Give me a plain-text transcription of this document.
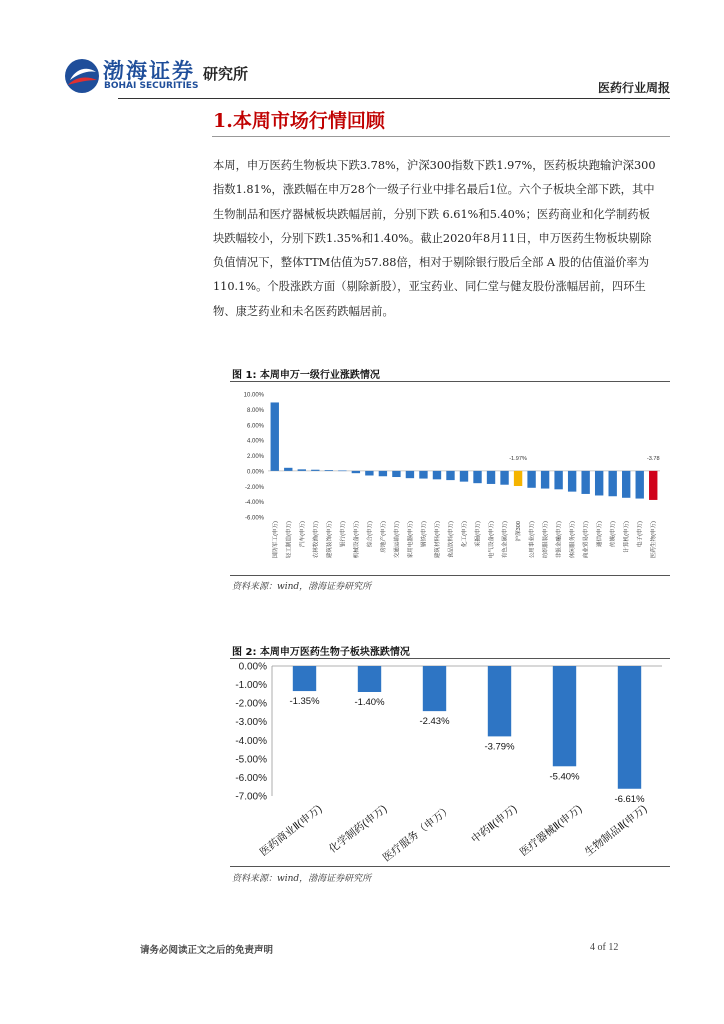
渤海证券
BOHAI SECURITIES
研究所
医药行业周报
1.本周市场行情回顾
本周，申万医药生物板块下跌3.78%，沪深300指数下跌1.97%，医药板块跑输沪深300指数1.81%，涨跌幅在申万28个一级子行业中排名最后1位。六个子板块全部下跌，其中生物制品和医疗器械板块跌幅居前，分别下跌 6.61%和5.40%；医药商业和化学制药板块跌幅较小，分别下跌1.35%和1.40%。截止2020年8月11日，申万医药生物板块剔除负值情况下，整体TTM估值为57.88倍，相对于剔除银行股后全部 A 股的估值溢价率为 110.1%。个股涨跌方面（剔除新股），亚宝药业、同仁堂与健友股份涨幅居前，四环生物、康芝药业和未名医药跌幅居前。
图 1: 本周申万一级行业涨跌情况
10.00%
8.00%
6.00%
4.00%
2.00%
0.00%
-2.00%
-4.00%
-6.00%
国防军工(申万)	轻工制造(申万)	汽车(申万)	农林牧渔(申万)	建筑装饰(申万)	银行(申万)	机械设备(申万)	综合(申万)	房地产(申万)	交通运输(申万)	家用电器(申万)	钢铁(申万)	建筑材料(申万)	食品饮料(申万)	化工(申万)	采掘(申万)	电气设备(申万)	有色金属(申万)	沪深300	公用事业(申万)	纺织服装(申万)	非银金融(申万)	休闲服务(申万)	商业贸易(申万)	通信(申万)	传媒(申万)	计算机(申万)	电子(申万)	医药生物(申万)
-1.97%	-3.78
资料来源：wind，渤海证券研究所
图 2: 本周申万医药生物子板块涨跌情况
0.00%
-1.00%
-2.00%
-3.00%
-4.00%
-5.00%
-6.00%
-7.00%
-1.35%
医药商业Ⅱ(申万)
-1.40%
化学制药(申万)
-2.43%
医疗服务（申万）
-3.79%
中药Ⅱ(申万)
-5.40%
医疗器械Ⅱ(申万)
-6.61%
生物制品Ⅱ(申万)
资料来源：wind，渤海证券研究所
请务必阅读正文之后的免责声明	4 of 12
